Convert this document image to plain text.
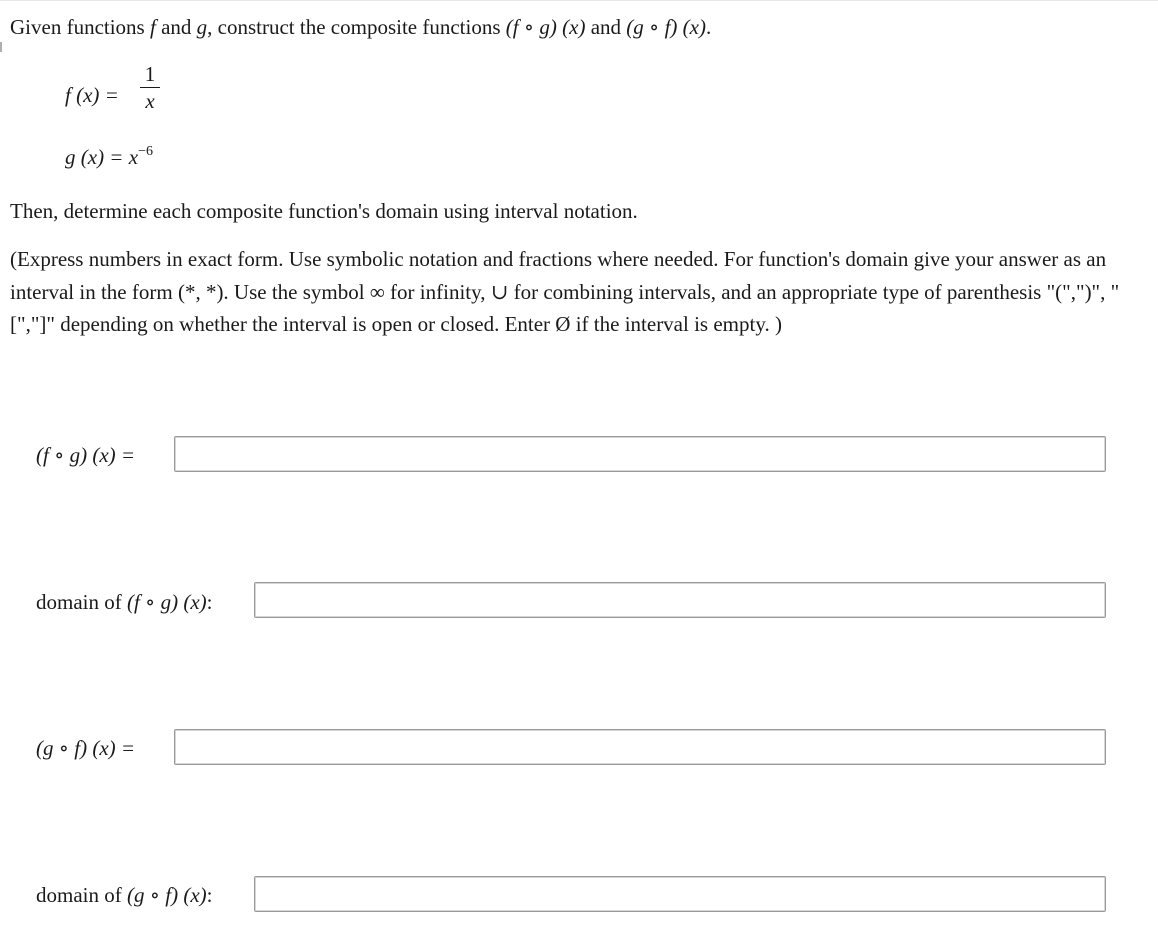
Given functions f and g, construct the composite functions (f ∘ g) (x) and (g ∘ f) (x).
f (x) =
1
x
g $(x) = x^{-6}$
Then, determine each composite function's domain using interval notation.
(Express numbers in exact form. Use symbolic notation and fractions where needed. For function's domain give your answer as an interval in the form (*, *). Use the symbol ∞ for infinity, ∪ for combining intervals, and an appropriate type of parenthesis "(",")", "[","]" depending on whether the interval is open or closed. Enter Ø if the interval is empty. )
(f ∘ g) (x) =
domain of (f ∘ g) (x):
(g ∘ f) (x) =
domain of (g ∘ f) (x):
